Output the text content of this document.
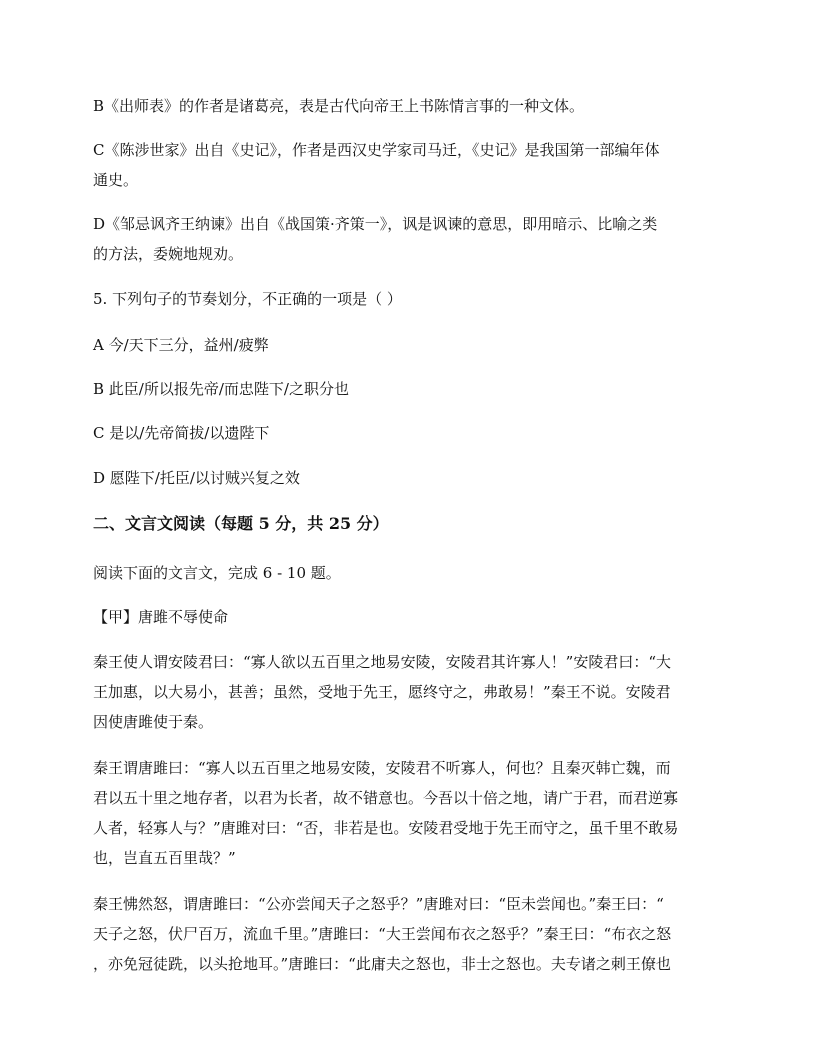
B《出师表》的作者是诸葛亮，表是古代向帝王上书陈情言事的一种文体。
C《陈涉世家》出自《史记》，作者是西汉史学家司马迁，《史记》是我国第一部编年体
通史。
D《邹忌讽齐王纳谏》出自《战国策·齐策一》，讽是讽谏的意思，即用暗示、比喻之类
的方法，委婉地规劝。
5. 下列句子的节奏划分，不正确的一项是（ ）
A 今/天下三分，益州/疲弊
B 此臣/所以报先帝/而忠陛下/之职分也
C 是以/先帝简拔/以遗陛下
D 愿陛下/托臣/以讨贼兴复之效
二、文言文阅读（每题 5 分，共 25 分）
阅读下面的文言文，完成 6 - 10 题。
【甲】唐雎不辱使命
秦王使人谓安陵君曰：“寡人欲以五百里之地易安陵，安陵君其许寡人！”安陵君曰：“大
王加惠，以大易小，甚善；虽然，受地于先王，愿终守之，弗敢易！”秦王不说。安陵君
因使唐雎使于秦。
秦王谓唐雎曰：“寡人以五百里之地易安陵，安陵君不听寡人，何也？且秦灭韩亡魏，而
君以五十里之地存者，以君为长者，故不错意也。今吾以十倍之地，请广于君，而君逆寡
人者，轻寡人与？”唐雎对曰：“否，非若是也。安陵君受地于先王而守之，虽千里不敢易
也，岂直五百里哉？”
秦王怫然怒，谓唐雎曰：“公亦尝闻天子之怒乎？”唐雎对曰：“臣未尝闻也。”秦王曰：“
天子之怒，伏尸百万，流血千里。”唐雎曰：“大王尝闻布衣之怒乎？”秦王曰：“布衣之怒
，亦免冠徒跣，以头抢地耳。”唐雎曰：“此庸夫之怒也，非士之怒也。夫专诸之刺王僚也
